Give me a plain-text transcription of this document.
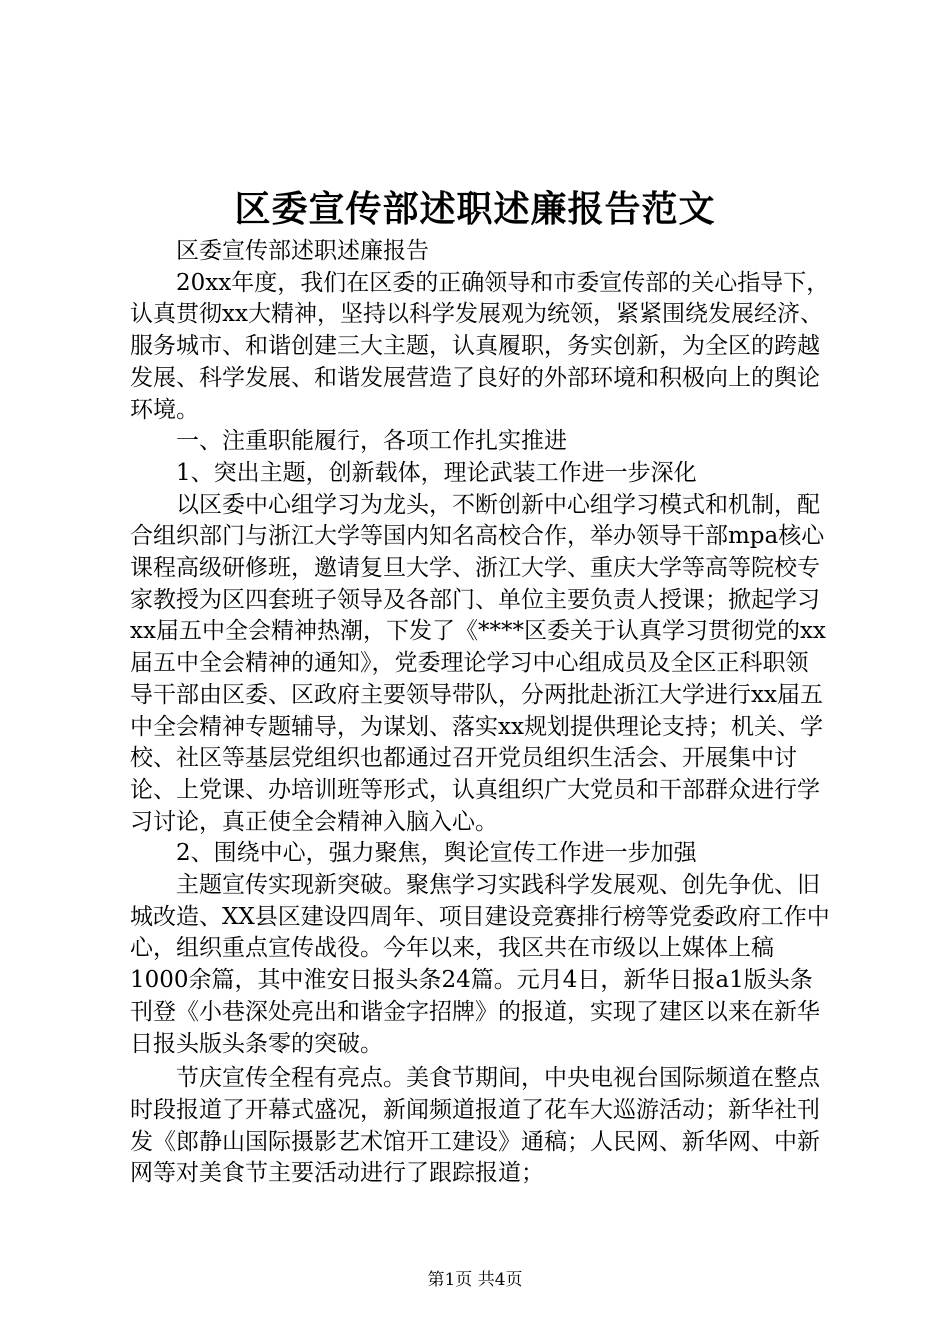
区委宣传部述职述廉报告范文

区委宣传部述职述廉报告

20xx年度，我们在区委的正确领导和市委宣传部的关心指导下，认真贯彻xx大精神，坚持以科学发展观为统领，紧紧围绕发展经济、服务城市、和谐创建三大主题，认真履职，务实创新，为全区的跨越发展、科学发展、和谐发展营造了良好的外部环境和积极向上的舆论环境。

一、注重职能履行，各项工作扎实推进

1、突出主题，创新载体，理论武装工作进一步深化

以区委中心组学习为龙头，不断创新中心组学习模式和机制，配合组织部门与浙江大学等国内知名高校合作，举办领导干部mpa核心课程高级研修班，邀请复旦大学、浙江大学、重庆大学等高等院校专家教授为区四套班子领导及各部门、单位主要负责人授课；掀起学习xx届五中全会精神热潮，下发了《****区委关于认真学习贯彻党的xx届五中全会精神的通知》，党委理论学习中心组成员及全区正科职领导干部由区委、区政府主要领导带队，分两批赴浙江大学进行xx届五中全会精神专题辅导，为谋划、落实xx规划提供理论支持；机关、学校、社区等基层党组织也都通过召开党员组织生活会、开展集中讨论、上党课、办培训班等形式，认真组织广大党员和干部群众进行学习讨论，真正使全会精神入脑入心。

2、围绕中心，强力聚焦，舆论宣传工作进一步加强

主题宣传实现新突破。聚焦学习实践科学发展观、创先争优、旧城改造、XX县区建设四周年、项目建设竞赛排行榜等党委政府工作中心，组织重点宣传战役。今年以来，我区共在市级以上媒体上稿1000余篇，其中淮安日报头条24篇。元月4日，新华日报a1版头条刊登《小巷深处亮出和谐金字招牌》的报道，实现了建区以来在新华日报头版头条零的突破。

节庆宣传全程有亮点。美食节期间，中央电视台国际频道在整点时段报道了开幕式盛况，新闻频道报道了花车大巡游活动；新华社刊发《郎静山国际摄影艺术馆开工建设》通稿；人民网、新华网、中新网等对美食节主要活动进行了跟踪报道；

第1页 共4页
